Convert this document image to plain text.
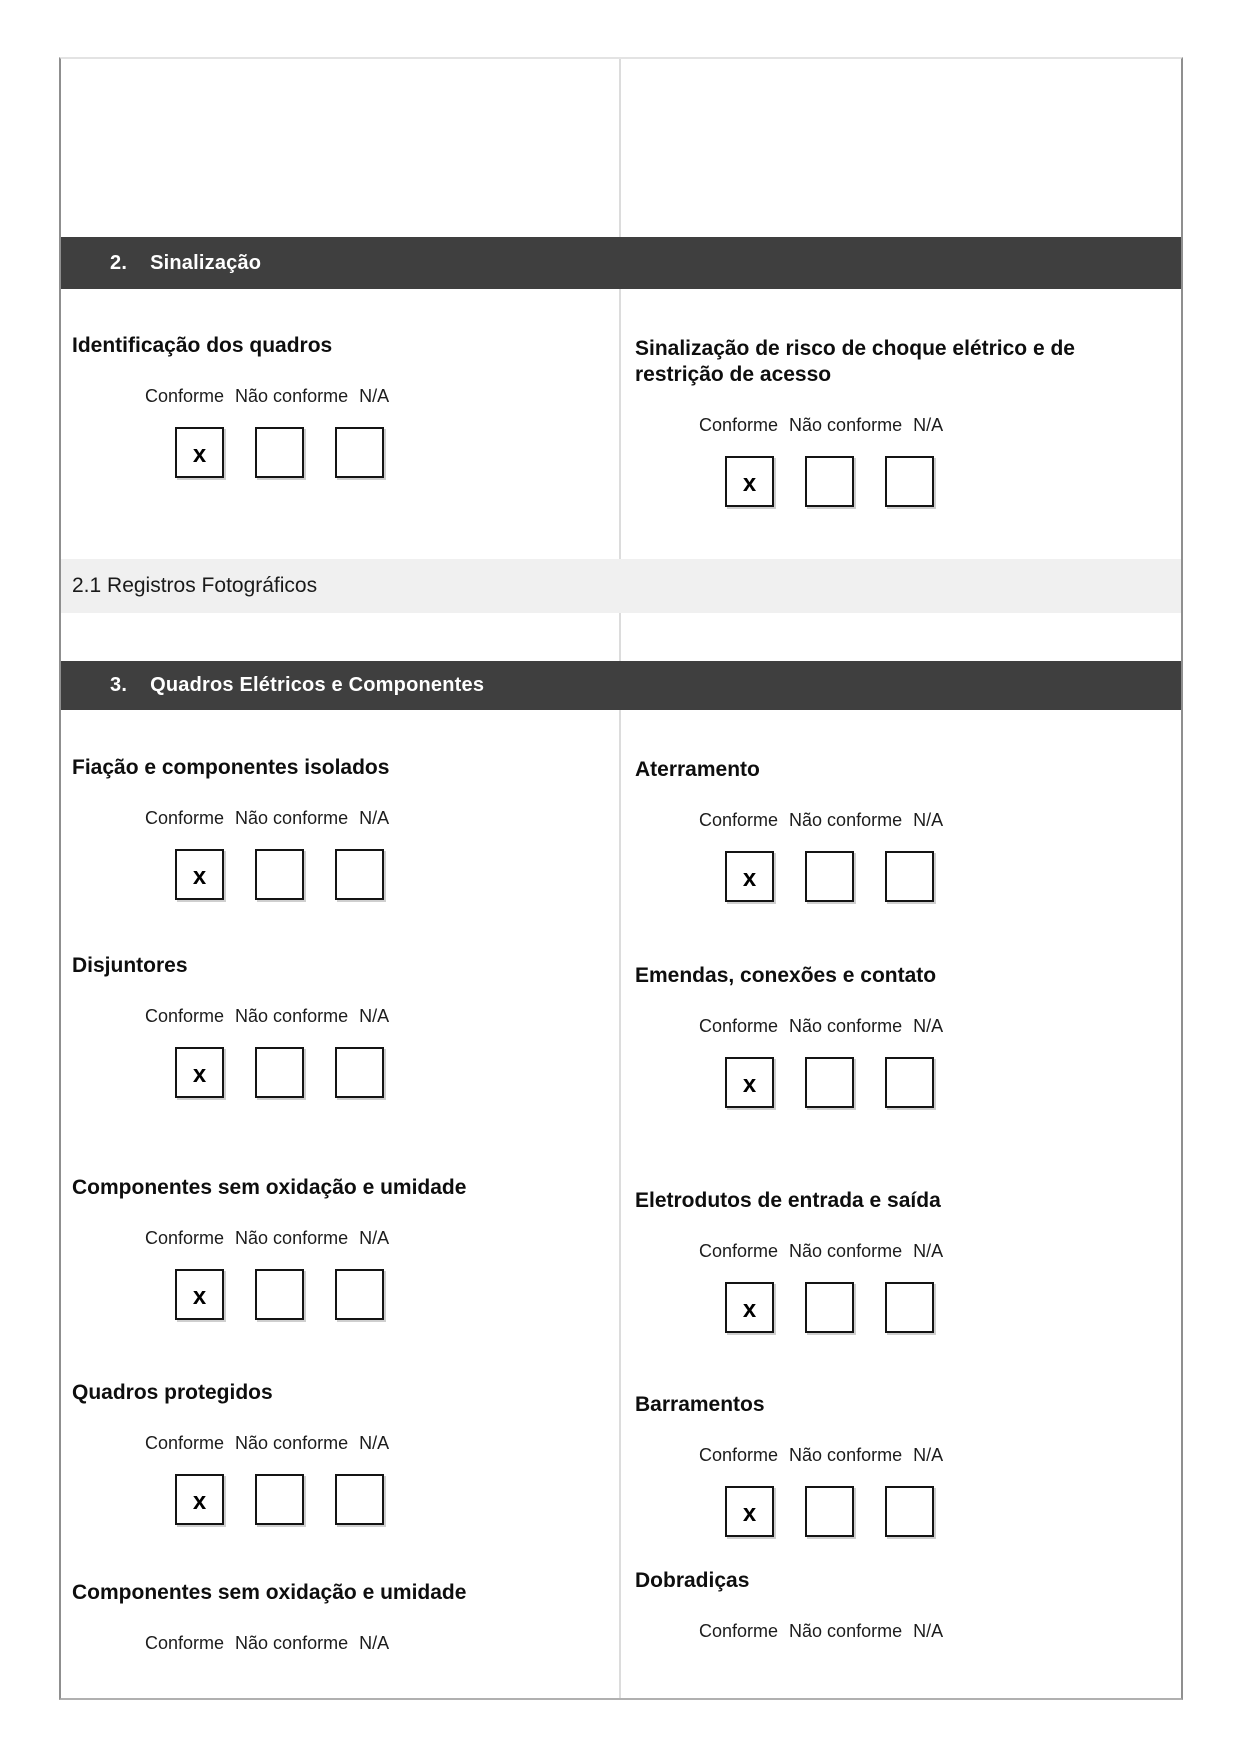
2. Sinalização
Identificação dos quadros
Conforme Não conforme N/A
x
Sinalização de risco de choque elétrico e de restrição de acesso
Conforme Não conforme N/A
x
2.1 Registros Fotográficos
3. Quadros Elétricos e Componentes
Fiação e componentes isolados
Conforme Não conforme N/A
x
Disjuntores
Conforme Não conforme N/A
x
Componentes sem oxidação e umidade
Conforme Não conforme N/A
x
Quadros protegidos
Conforme Não conforme N/A
x
Componentes sem oxidação e umidade
Conforme Não conforme N/A
Aterramento
Conforme Não conforme N/A
x
Emendas, conexões e contato
Conforme Não conforme N/A
x
Eletrodutos de entrada e saída
Conforme Não conforme N/A
x
Barramentos
Conforme Não conforme N/A
x
Dobradiças
Conforme Não conforme N/A
